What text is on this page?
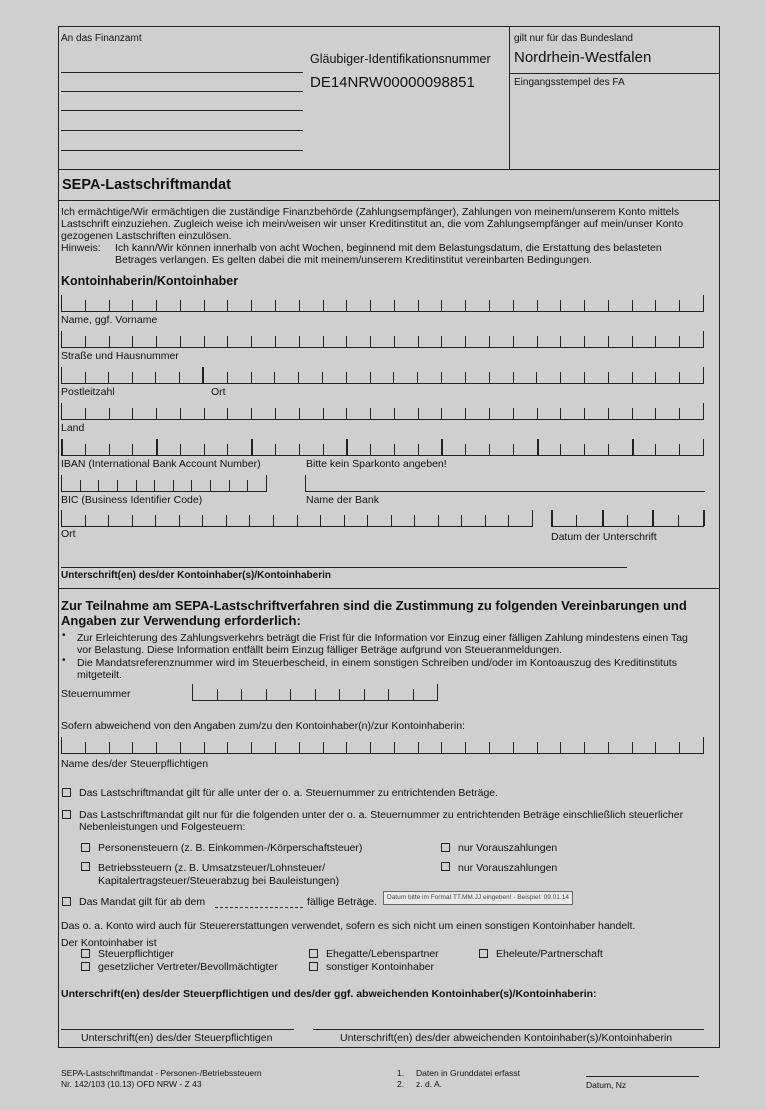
An das Finanzamt
Gläubiger-Identifikationsnummer
DE14NRW00000098851
gilt nur für das Bundesland
Nordrhein-Westfalen
Eingangsstempel des FA
SEPA-Lastschriftmandat
Ich ermächtige/Wir ermächtigen die zuständige Finanzbehörde (Zahlungsempfänger), Zahlungen von meinem/unserem Konto mittels
Lastschrift einzuziehen. Zugleich weise ich mein/weisen wir unser Kreditinstitut an, die vom Zahlungsempfänger auf mein/unser Konto
gezogenen Lastschriften einzulösen.
Hinweis: Ich kann/Wir können innerhalb von acht Wochen, beginnend mit dem Belastungsdatum, die Erstattung des belasteten
Betrages verlangen. Es gelten dabei die mit meinem/unserem Kreditinstitut vereinbarten Bedingungen.
Kontoinhaberin/Kontoinhaber
Name, ggf. Vorname
Straße und Hausnummer
Postleitzahl	Ort
Land
IBAN (International Bank Account Number)	Bitte kein Sparkonto angeben!
BIC (Business Identifier Code)	Name der Bank
Ort	Datum der Unterschrift
Unterschrift(en) des/der Kontoinhaber(s)/Kontoinhaberin
Zur Teilnahme am SEPA-Lastschriftverfahren sind die Zustimmung zu folgenden Vereinbarungen und
Angaben zur Verwendung erforderlich:
• Zur Erleichterung des Zahlungsverkehrs beträgt die Frist für die Information vor Einzug einer fälligen Zahlung mindestens einen Tag
vor Belastung. Diese Information entfällt beim Einzug fälliger Beträge aufgrund von Steueranmeldungen.
• Die Mandatsreferenznummer wird im Steuerbescheid, in einem sonstigen Schreiben und/oder im Kontoauszug des Kreditinstituts
mitgeteilt.
Steuernummer
Sofern abweichend von den Angaben zum/zu den Kontoinhaber(n)/zur Kontoinhaberin:
Name des/der Steuerpflichtigen
Das Lastschriftmandat gilt für alle unter der o. a. Steuernummer zu entrichtenden Beträge.
Das Lastschriftmandat gilt nur für die folgenden unter der o. a. Steuernummer zu entrichtenden Beträge einschließlich steuerlicher
Nebenleistungen und Folgesteuern:
Personensteuern (z. B. Einkommen-/Körperschaftsteuer)	nur Vorauszahlungen
Betriebssteuern (z. B. Umsatzsteuer/Lohnsteuer/
Kapitalertragsteuer/Steuerabzug bei Bauleistungen)
nur Vorauszahlungen
Das Mandat gilt für ab dem	fällige Beträge.	Datum bitte im Format TT.MM.JJ eingeben! - Beispiel: 09.01.14
Das o. a. Konto wird auch für Steuererstattungen verwendet, sofern es sich nicht um einen sonstigen Kontoinhaber handelt.
Der Kontoinhaber ist
Steuerpflichtiger
gesetzlicher Vertreter/Bevollmächtigter
Ehegatte/Lebenspartner
sonstiger Kontoinhaber
Eheleute/Partnerschaft
Unterschrift(en) des/der Steuerpflichtigen und des/der ggf. abweichenden Kontoinhaber(s)/Kontoinhaberin:
Unterschrift(en) des/der Steuerpflichtigen	Unterschrift(en) des/der abweichenden Kontoinhaber(s)/Kontoinhaberin
SEPA-Lastschriftmandat - Personen-/Betriebssteuern
Nr. 142/103 (10.13) OFD NRW - Z 43
1. Daten in Grunddatei erfasst
2. z. d. A.	Datum, Nz
